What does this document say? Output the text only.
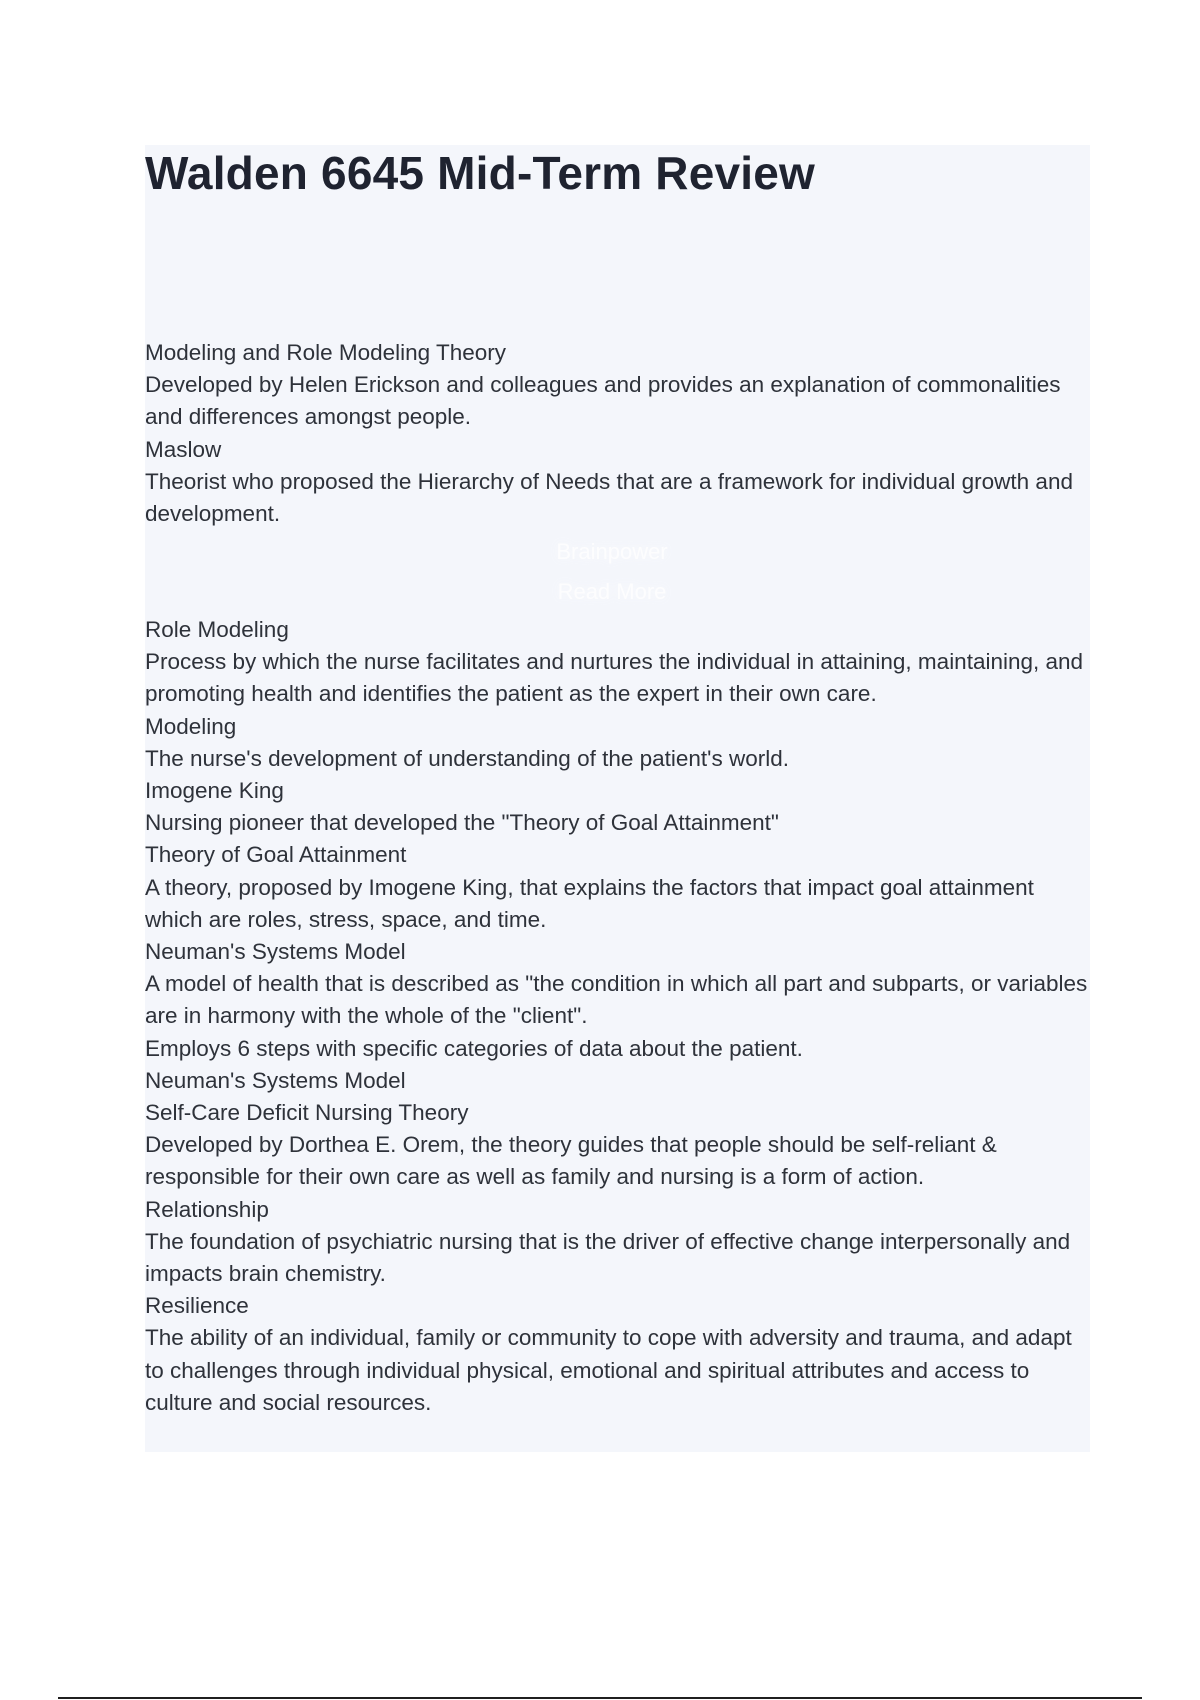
Walden 6645 Mid-Term Review

Modeling and Role Modeling Theory

Developed by Helen Erickson and colleagues and provides an explanation of commonalities and differences amongst people.

Maslow

Theorist who proposed the Hierarchy of Needs that are a framework for individual growth and development.

Brainpower
Read More

Role Modeling

Process by which the nurse facilitates and nurtures the individual in attaining, maintaining, and promoting health and identifies the patient as the expert in their own care.

Modeling

The nurse's development of understanding of the patient's world.

Imogene King

Nursing pioneer that developed the "Theory of Goal Attainment"

Theory of Goal Attainment

A theory, proposed by Imogene King, that explains the factors that impact goal attainment which are roles, stress, space, and time.

Neuman's Systems Model

A model of health that is described as "the condition in which all part and subparts, or variables are in harmony with the whole of the "client".

Employs 6 steps with specific categories of data about the patient.

Neuman's Systems Model

Self-Care Deficit Nursing Theory

Developed by Dorthea E. Orem, the theory guides that people should be self-reliant & responsible for their own care as well as family and nursing is a form of action.

Relationship

The foundation of psychiatric nursing that is the driver of effective change interpersonally and impacts brain chemistry.

Resilience

The ability of an individual, family or community to cope with adversity and trauma, and adapt to challenges through individual physical, emotional and spiritual attributes and access to culture and social resources.
